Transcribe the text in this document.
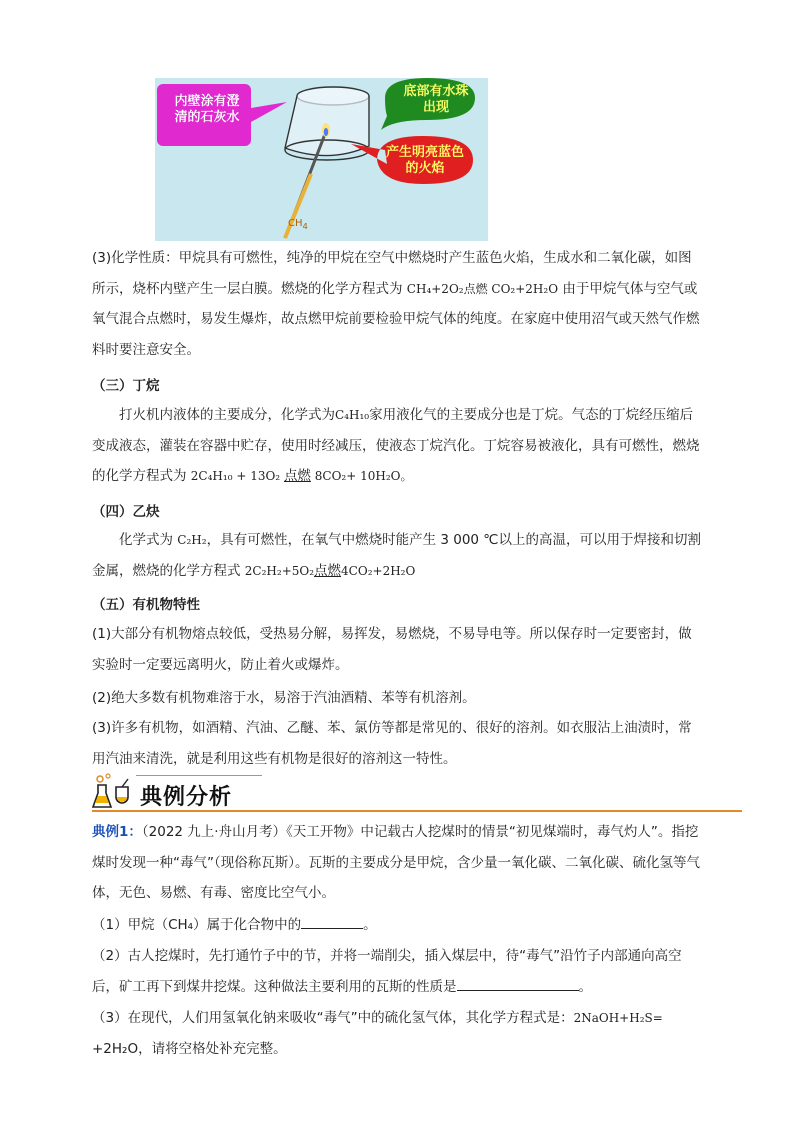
内壁涂有澄清的石灰水
底部有水珠出现
产生明亮蓝色的火焰
$CH_4$
(3)化学性质：甲烷具有可燃性，纯净的甲烷在空气中燃烧时产生蓝色火焰，生成水和二氧化碳，如图所示，烧杯内壁产生一层白膜。燃烧的化学方程式为 CH₄+2O₂点燃 CO₂+2H₂O 由于甲烷气体与空气或氧气混合点燃时，易发生爆炸，故点燃甲烷前要检验甲烷气体的纯度。在家庭中使用沼气或天然气作燃料时要注意安全。
（三）丁烷
打火机内液体的主要成分，化学式为C₄H₁₀家用液化气的主要成分也是丁烷。气态的丁烷经压缩后变成液态，灌装在容器中贮存，使用时经减压，使液态丁烷汽化。丁烷容易被液化，具有可燃性，燃烧的化学方程式为 2C₄H₁₀ + 13O₂ 点燃 8CO₂+ 10H₂O。
（四）乙炔
化学式为 C₂H₂，具有可燃性，在氧气中燃烧时能产生 3 000 ℃以上的高温，可以用于焊接和切割金属，燃烧的化学方程式 2C₂H₂+5O₂点燃4CO₂+2H₂O
（五）有机物特性
(1)大部分有机物熔点较低，受热易分解，易挥发，易燃烧，不易导电等。所以保存时一定要密封，做实验时一定要远离明火，防止着火或爆炸。
(2)绝大多数有机物难溶于水，易溶于汽油酒精、苯等有机溶剂。
(3)许多有机物，如酒精、汽油、乙醚、苯、氯仿等都是常见的、很好的溶剂。如衣服沾上油渍时，常用汽油来清洗，就是利用这些有机物是很好的溶剂这一特性。
典例分析
典例1：（2022 九上·舟山月考）《天工开物》中记载古人挖煤时的情景“初见煤端时，毒气灼人”。指挖煤时发现一种“毒气”（现俗称瓦斯）。瓦斯的主要成分是甲烷，含少量一氧化碳、二氧化碳、硫化氢等气体，无色、易燃、有毒、密度比空气小。
（1）甲烷（CH₄）属于化合物中的	。
（2）古人挖煤时，先打通竹子中的节，并将一端削尖，插入煤层中，待“毒气”沿竹子内部通向高空后，矿工再下到煤井挖煤。这种做法主要利用的瓦斯的性质是	。
（3）在现代，人们用氢氧化钠来吸收“毒气”中的硫化氢气体，其化学方程式是：2NaOH+H₂S=
+2H₂O，请将空格处补充完整。
